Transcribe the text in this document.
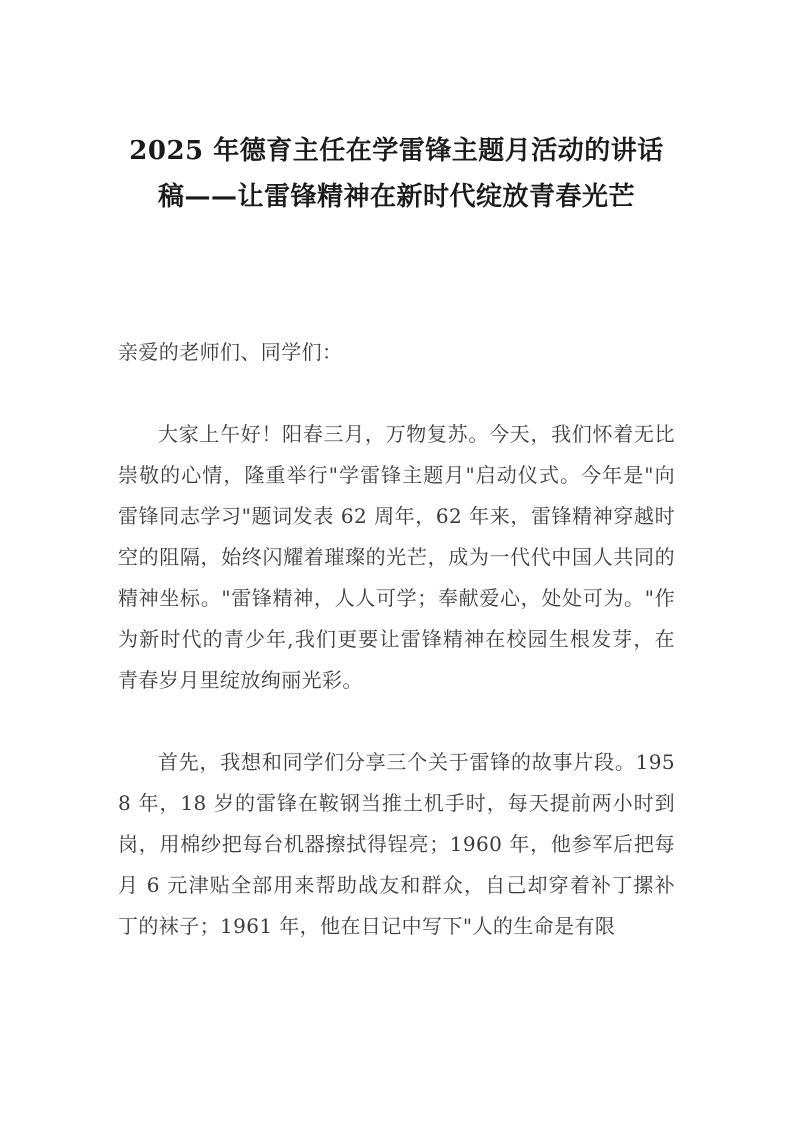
2025 年德育主任在学雷锋主题月活动的讲话稿——让雷锋精神在新时代绽放青春光芒

亲爱的老师们、同学们：

大家上午好！阳春三月，万物复苏。今天，我们怀着无比崇敬的心情，隆重举行"学雷锋主题月"启动仪式。今年是"向雷锋同志学习"题词发表 62 周年，62 年来，雷锋精神穿越时空的阻隔，始终闪耀着璀璨的光芒，成为一代代中国人共同的精神坐标。"雷锋精神，人人可学；奉献爱心，处处可为。"作为新时代的青少年,我们更要让雷锋精神在校园生根发芽，在青春岁月里绽放绚丽光彩。

首先，我想和同学们分享三个关于雷锋的故事片段。1958 年，18 岁的雷锋在鞍钢当推土机手时，每天提前两小时到岗，用棉纱把每台机器擦拭得锃亮；1960 年，他参军后把每月 6 元津贴全部用来帮助战友和群众，自己却穿着补丁摞补丁的袜子；1961 年，他在日记中写下"人的生命是有限
